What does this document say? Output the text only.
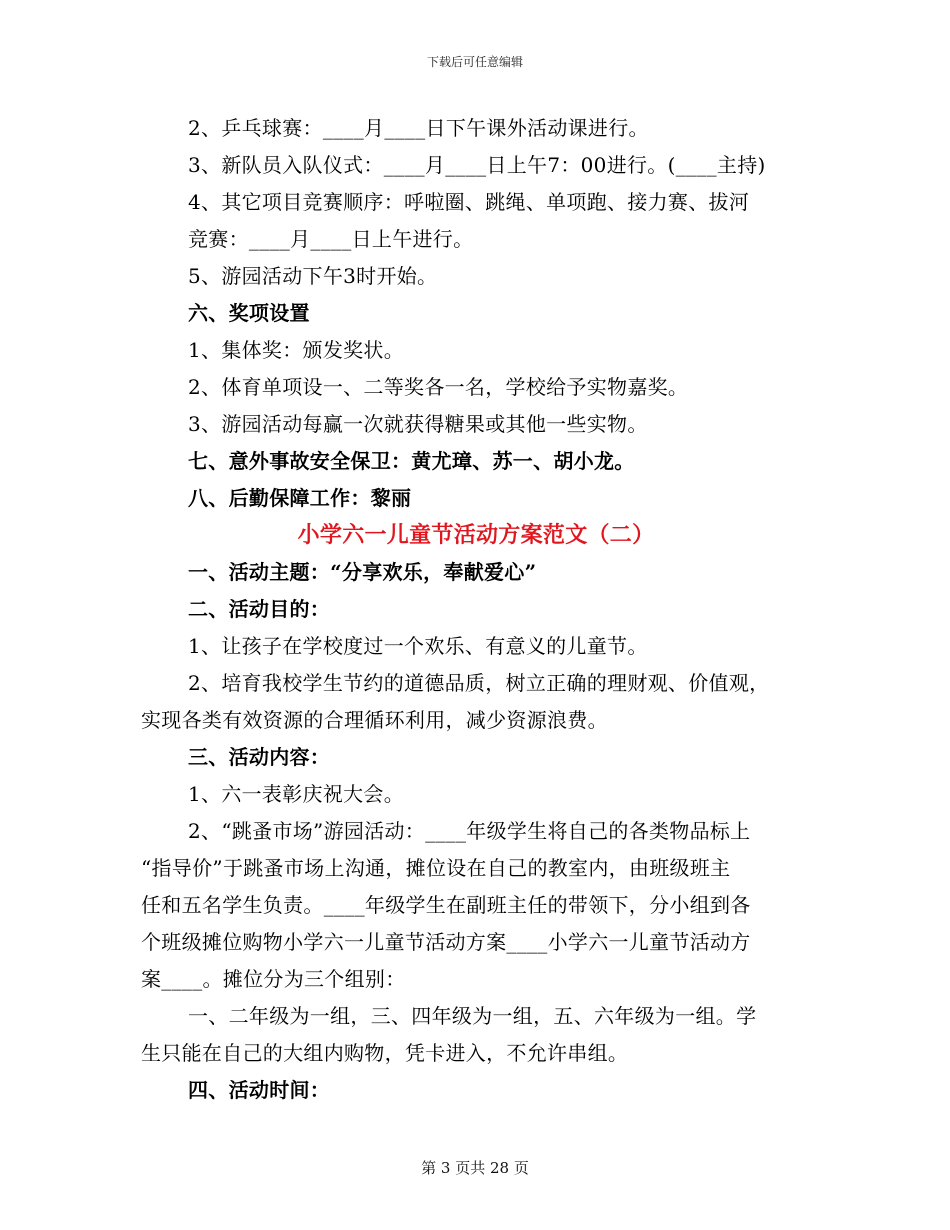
下载后可任意编辑
2、乒乓球赛：____月____日下午课外活动课进行。
3、新队员入队仪式：____月____日上午7：00进行。(____主持)
4、其它项目竞赛顺序：呼啦圈、跳绳、单项跑、接力赛、拔河
竞赛：____月____日上午进行。
5、游园活动下午3时开始。
六、奖项设置
1、集体奖：颁发奖状。
2、体育单项设一、二等奖各一名，学校给予实物嘉奖。
3、游园活动每赢一次就获得糖果或其他一些实物。
七、意外事故安全保卫：黄尤璋、苏一、胡小龙。
八、后勤保障工作：黎丽
小学六一儿童节活动方案范文（二）
一、活动主题：“分享欢乐，奉献爱心”
二、活动目的：
1、让孩子在学校度过一个欢乐、有意义的儿童节。
2、培育我校学生节约的道德品质，树立正确的理财观、价值观，
实现各类有效资源的合理循环利用，减少资源浪费。
三、活动内容：
1、六一表彰庆祝大会。
2、“跳蚤市场”游园活动：____年级学生将自己的各类物品标上
“指导价”于跳蚤市场上沟通，摊位设在自己的教室内，由班级班主
任和五名学生负责。____年级学生在副班主任的带领下，分小组到各
个班级摊位购物小学六一儿童节活动方案____小学六一儿童节活动方
案____。摊位分为三个组别：
一、二年级为一组，三、四年级为一组，五、六年级为一组。学
生只能在自己的大组内购物，凭卡进入，不允许串组。
四、活动时间：
第 3 页共 28 页
